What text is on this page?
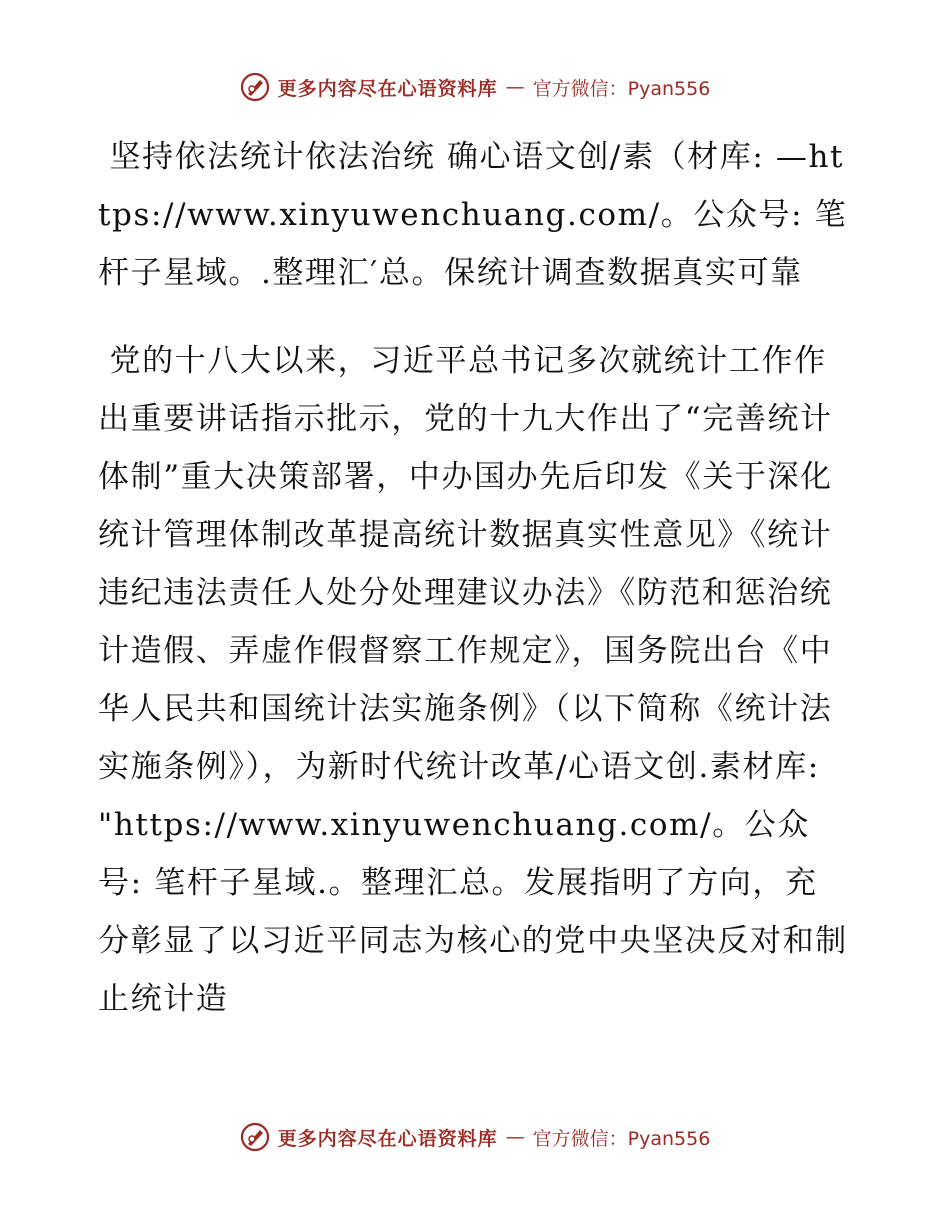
更多内容尽在心语资料库 — 官方微信：Pyan556

坚持依法统计依法治统 确心语文创/素（材库: —https://www.xinyuwenchuang.com/。公众号: 笔杆子星域。.整理汇′总。保统计调查数据真实可靠

党的十八大以来，习近平总书记多次就统计工作作出重要讲话指示批示，党的十九大作出了“完善统计体制”重大决策部署，中办国办先后印发《关于深化统计管理体制改革提高统计数据真实性意见》《统计违纪违法责任人处分处理建议办法》《防范和惩治统计造假、弄虚作假督察工作规定》，国务院出台《中华人民共和国统计法实施条例》（以下简称《统计法实施条例》），为新时代统计改革/心语文创.素材库: "https://www.xinyuwenchuang.com/。公众号: 笔杆子星域.。整理汇总。发展指明了方向，充分彰显了以习近平同志为核心的党中央坚决反对和制止统计造

更多内容尽在心语资料库 — 官方微信：Pyan556
